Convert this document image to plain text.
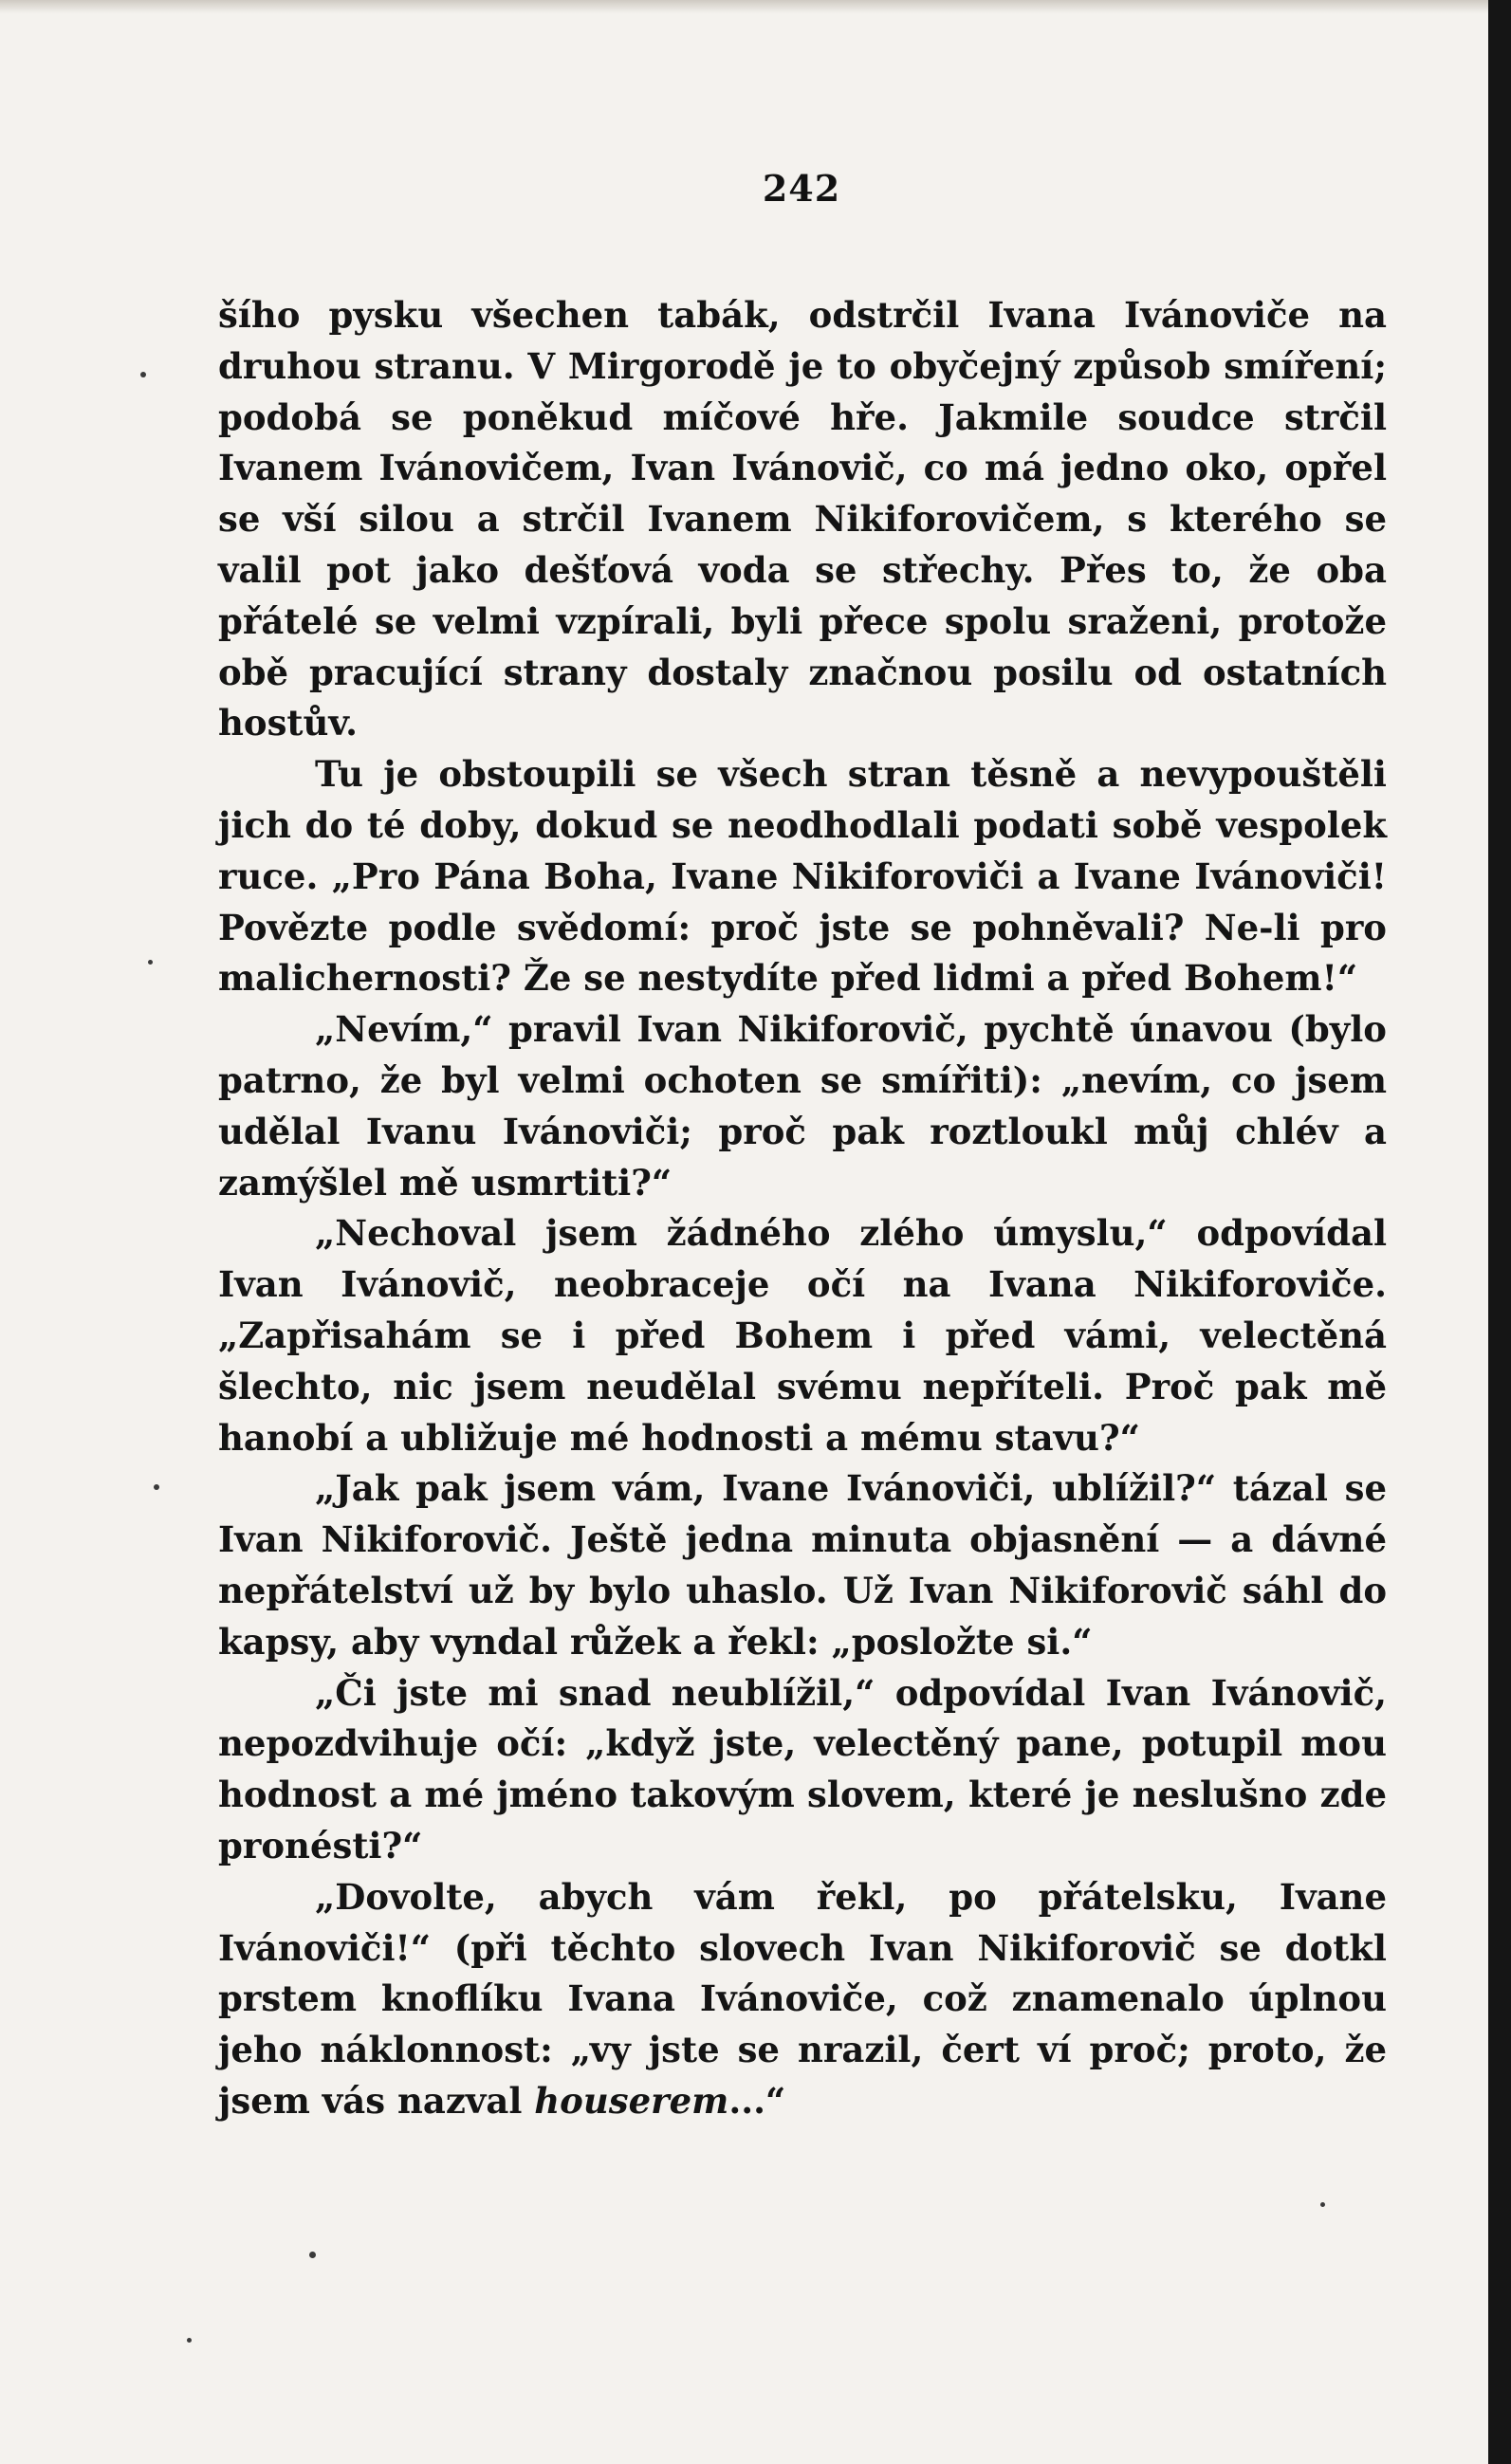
242

šího pysku všechen tabák, odstrčil Ivana Ivánoviče na druhou stranu. V Mirgorodě je to obyčejný způsob smíření; podobá se poněkud míčové hře. Jakmile soudce strčil Ivanem Ivánovičem, Ivan Ivánovič, co má jedno oko, opřel se vší silou a strčil Ivanem Nikiforovičem, s kterého se valil pot jako dešťová voda se střechy. Přes to, že oba přátelé se velmi vzpírali, byli přece spolu sraženi, protože obě pracující strany dostaly značnou posilu od ostatních hostův.

Tu je obstoupili se všech stran těsně a nevypouštěli jich do té doby, dokud se neodhodlali podati sobě vespolek ruce. „Pro Pána Boha, Ivane Nikiforoviči a Ivane Ivánoviči! Povězte podle svědomí: proč jste se pohněvali? Ne-li pro malichernosti? Že se nestydíte před lidmi a před Bohem!“

„Nevím,“ pravil Ivan Nikiforovič, pychtě únavou (bylo patrno, že byl velmi ochoten se smířiti): „nevím, co jsem udělal Ivanu Ivánoviči; proč pak roztloukl můj chlév a zamýšlel mě usmrtiti?“

„Nechoval jsem žádného zlého úmyslu,“ odpovídal Ivan Ivánovič, neobraceje očí na Ivana Nikiforoviče. „Zapřisahám se i před Bohem i před vámi, velectěná šlechto, nic jsem neudělal svému nepříteli. Proč pak mě hanobí a ubližuje mé hodnosti a mému stavu?“

„Jak pak jsem vám, Ivane Ivánoviči, ublížil?“ tázal se Ivan Nikiforovič. Ještě jedna minuta objasnění — a dávné nepřátelství už by bylo uhaslo. Už Ivan Nikiforovič sáhl do kapsy, aby vyndal růžek a řekl: „posložte si.“

„Či jste mi snad neublížil,“ odpovídal Ivan Ivánovič, nepozdvihuje očí: „když jste, velectěný pane, potupil mou hodnost a mé jméno takovým slovem, které je neslušno zde pronésti?“

„Dovolte, abych vám řekl, po přátelsku, Ivane Ivánoviči!“ (při těchto slovech Ivan Nikiforovič se dotkl prstem knoflíku Ivana Ivánoviče, což znamenalo úplnou jeho náklonnost: „vy jste se nrazil, čert ví proč; proto, že jsem vás nazval houserem...“
